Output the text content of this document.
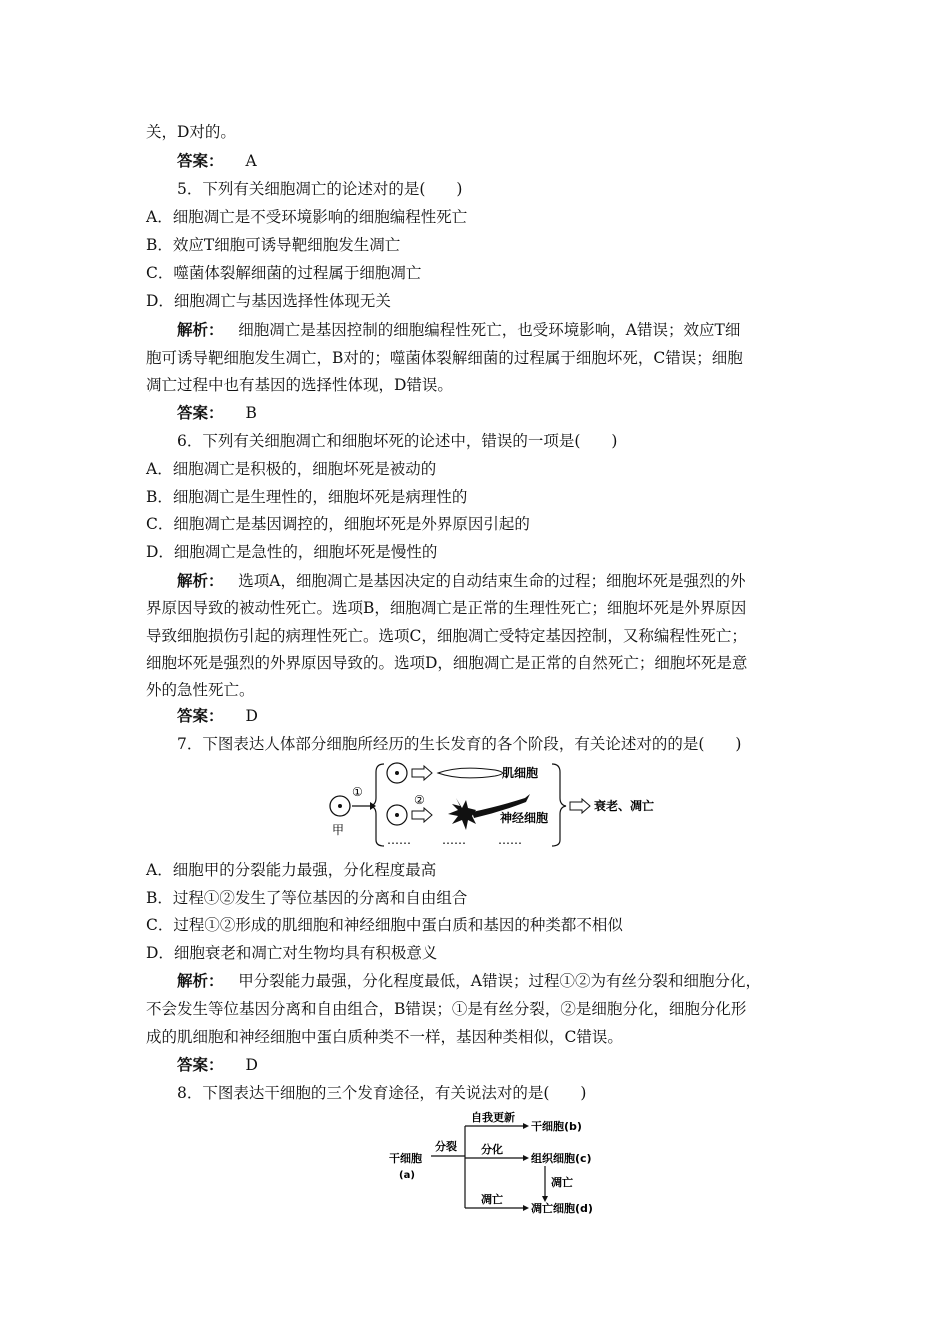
关，D对的。
答案： A
5．下列有关细胞凋亡的论述对的是(　　)
A．细胞凋亡是不受环境影响的细胞编程性死亡
B．效应T细胞可诱导靶细胞发生凋亡
C．噬菌体裂解细菌的过程属于细胞凋亡
D．细胞凋亡与基因选择性体现无关
解析： 细胞凋亡是基因控制的细胞编程性死亡，也受环境影响，A错误；效应T细
胞可诱导靶细胞发生凋亡，B对的；噬菌体裂解细菌的过程属于细胞坏死，C错误；细胞
凋亡过程中也有基因的选择性体现，D错误。
答案： B
6．下列有关细胞凋亡和细胞坏死的论述中，错误的一项是(　　)
A．细胞凋亡是积极的，细胞坏死是被动的
B．细胞凋亡是生理性的，细胞坏死是病理性的
C．细胞凋亡是基因调控的，细胞坏死是外界原因引起的
D．细胞凋亡是急性的，细胞坏死是慢性的
解析： 选项A，细胞凋亡是基因决定的自动结束生命的过程；细胞坏死是强烈的外
界原因导致的被动性死亡。选项B，细胞凋亡是正常的生理性死亡；细胞坏死是外界原因
导致细胞损伤引起的病理性死亡。选项C，细胞凋亡受特定基因控制，又称编程性死亡；
细胞坏死是强烈的外界原因导致的。选项D，细胞凋亡是正常的自然死亡；细胞坏死是意
外的急性死亡。
答案： D
7．下图表达人体部分细胞所经历的生长发育的各个阶段，有关论述对的的是(　　)
甲
①
肌细胞
②
神经细胞
……	……	……
衰老、凋亡
A．细胞甲的分裂能力最强，分化程度最高
B．过程①②发生了等位基因的分离和自由组合
C．过程①②形成的肌细胞和神经细胞中蛋白质和基因的种类都不相似
D．细胞衰老和凋亡对生物均具有积极意义
解析： 甲分裂能力最强，分化程度最低，A错误；过程①②为有丝分裂和细胞分化，
不会发生等位基因分离和自由组合，B错误；①是有丝分裂，②是细胞分化，细胞分化形
成的肌细胞和神经细胞中蛋白质种类不一样，基因种类相似，C错误。
答案： D
8．下图表达干细胞的三个发育途径，有关说法对的是(　　)
干细胞
(a)
分裂
自我更新
干细胞(b)
分化
组织细胞(c)
凋亡
凋亡
凋亡细胞(d)
